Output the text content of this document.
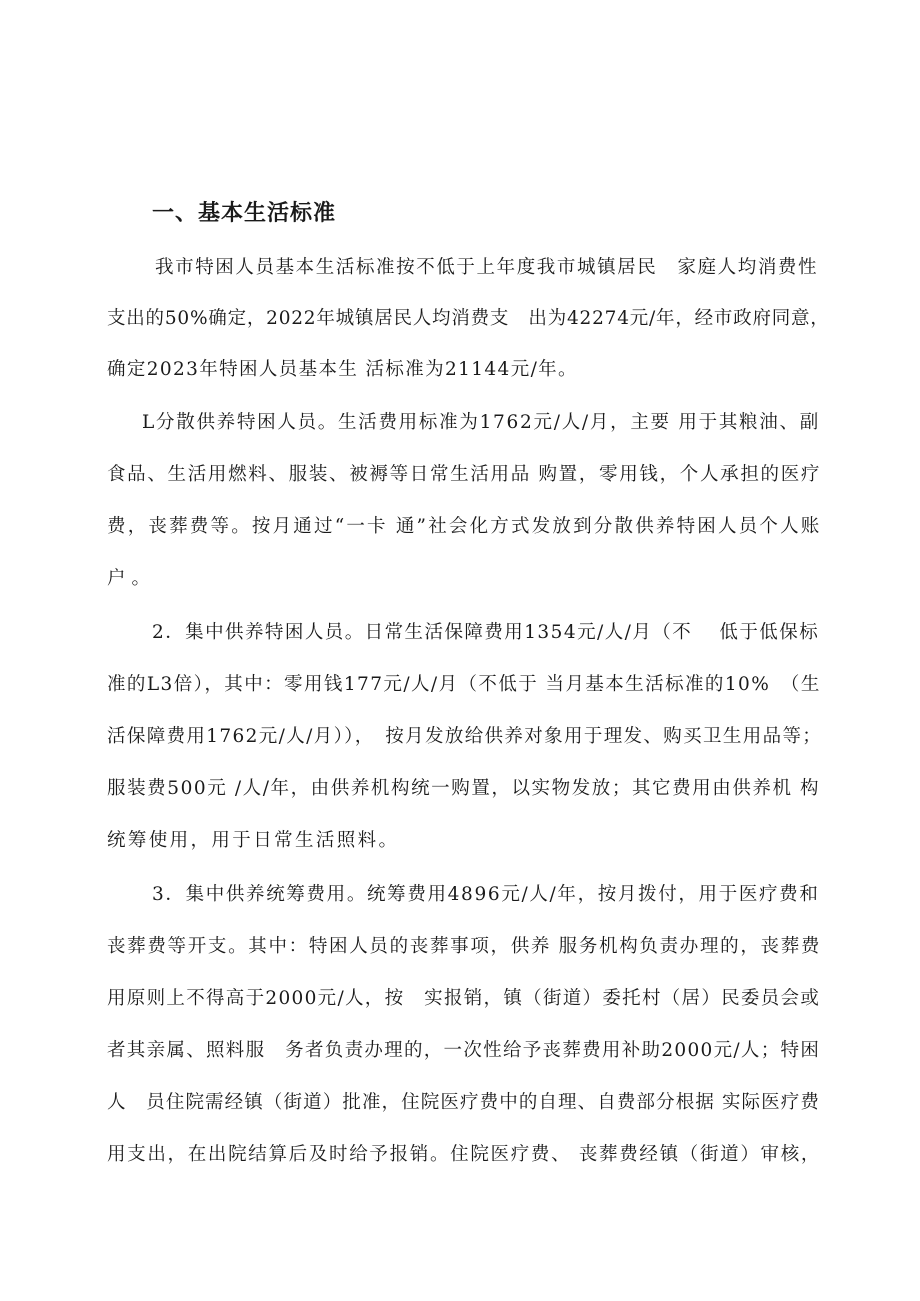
一、基本生活标准
我市特困人员基本生活标准按不低于上年度我市城镇居民　家庭人均消费性
支出的50%确定，2022年城镇居民人均消费支　出为42274元/年，经市政府同意，
确定2023年特困人员基本生 活标准为21144元/年。
L分散供养特困人员。生活费用标准为1762元/人/月，主要 用于其粮油、副
食品、生活用燃料、服装、被褥等日常生活用品 购置，零用钱，个人承担的医疗
费，丧葬费等。按月通过“一卡 通”社会化方式发放到分散供养特困人员个人账
户。
2．集中供养特困人员。日常生活保障费用1354元/人/月（不　 低于低保标
准的L3倍），其中：零用钱177元/人/月（不低于 当月基本生活标准的10%　（生
活保障费用1762元/人/月）），　按月发放给供养对象用于理发、购买卫生用品等；
服装费500元 /人/年，由供养机构统一购置，以实物发放；其它费用由供养机 构
统筹使用，用于日常生活照料。
3．集中供养统筹费用。统筹费用4896元/人/年，按月拨付，用于医疗费和
丧葬费等开支。其中：特困人员的丧葬事项，供养 服务机构负责办理的，丧葬费
用原则上不得高于2000元/人，按　实报销，镇（街道）委托村（居）民委员会或
者其亲属、照料服　务者负责办理的，一次性给予丧葬费用补助2000元/人；特困
人　员住院需经镇（街道）批准，住院医疗费中的自理、自费部分根据 实际医疗费
用支出，在出院结算后及时给予报销。住院医疗费、 丧葬费经镇（街道）审核，
